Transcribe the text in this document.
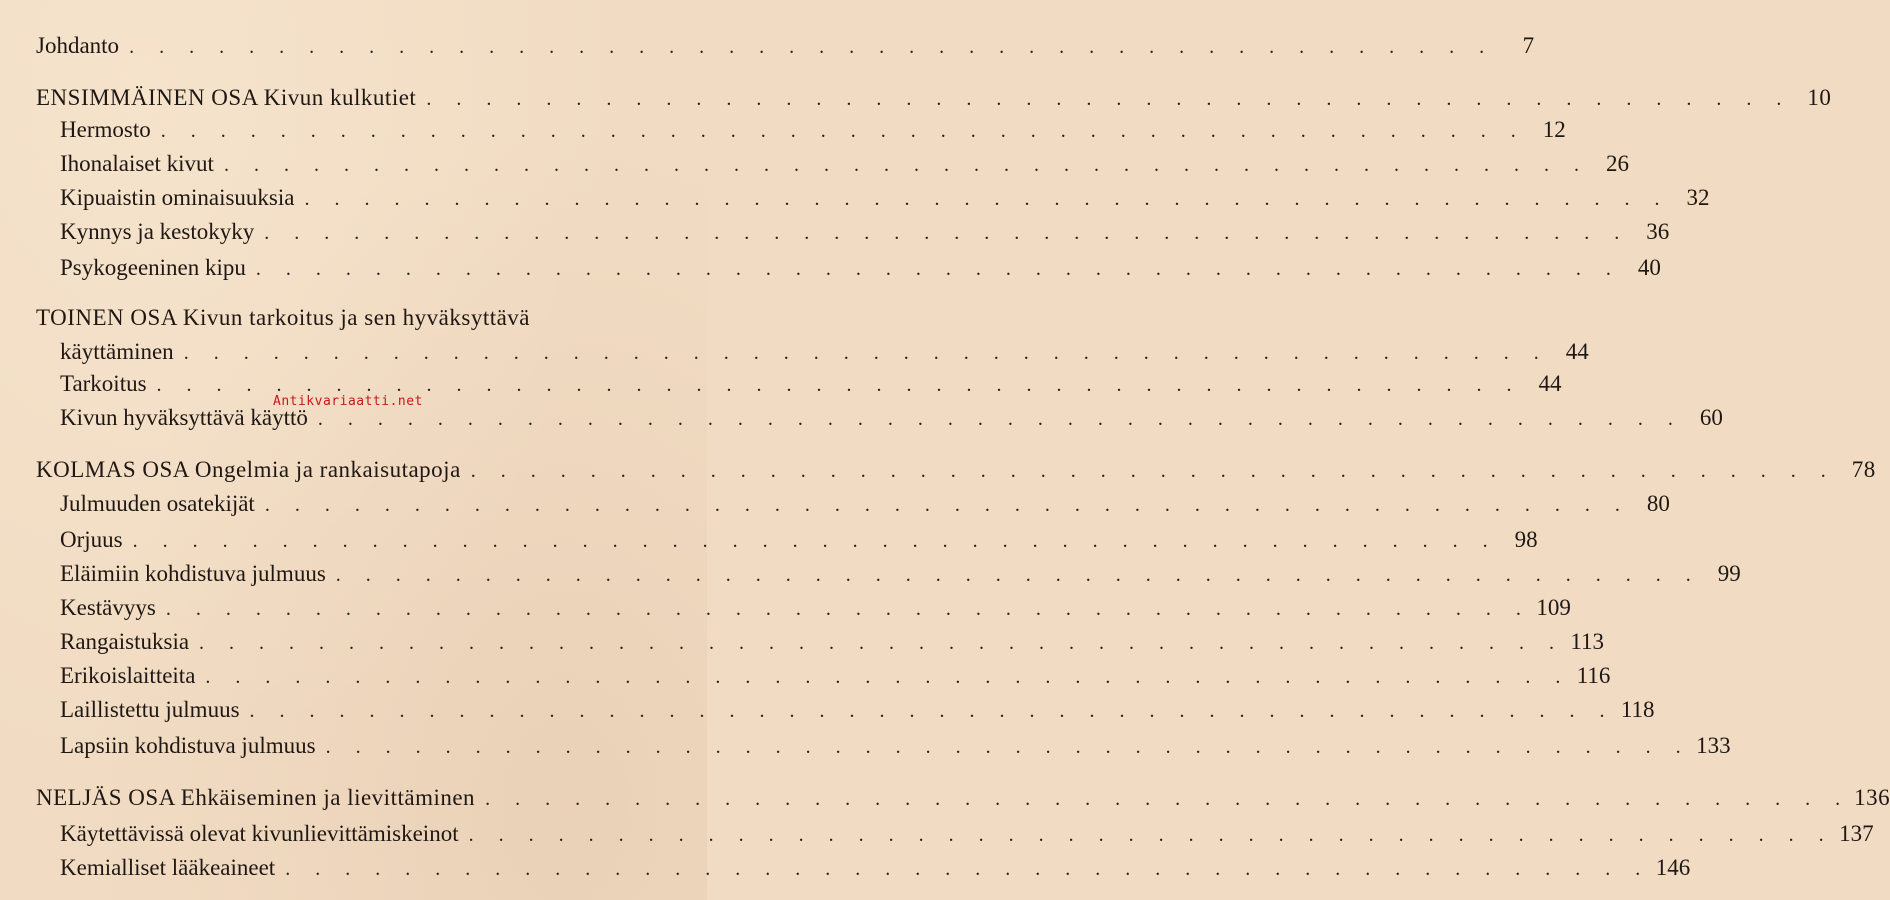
Johdanto . . . . . . . . . . . . . . . . . . . . . . . . . . . . . . . . . . . . . . . . . . . . . .	7
ENSIMMÄINEN OSA Kivun kulkutiet . . . . . . . . . . . . . . . . . . . . . . . . . . . . . . . . . . . . . . . . . . . . . . 10
Hermosto . . . . . . . . . . . . . . . . . . . . . . . . . . . . . . . . . . . . . . . . . . . . . . 12
Ihonalaiset kivut . . . . . . . . . . . . . . . . . . . . . . . . . . . . . . . . . . . . . . . . . . . . . . 26
Kipuaistin ominaisuuksia . . . . . . . . . . . . . . . . . . . . . . . . . . . . . . . . . . . . . . . . . . . . . . 32
Kynnys ja kestokyky . . . . . . . . . . . . . . . . . . . . . . . . . . . . . . . . . . . . . . . . . . . . . . 36
Psykogeeninen kipu . . . . . . . . . . . . . . . . . . . . . . . . . . . . . . . . . . . . . . . . . . . . . . 40
TOINEN OSA Kivun tarkoitus ja sen hyväksyttävä
käyttäminen . . . . . . . . . . . . . . . . . . . . . . . . . . . . . . . . . . . . . . . . . . . . . . 44
Tarkoitus . . . . . . . . . . . . . . . . . . . . . . . . . . . . . . . . . . . . . . . . . . . . . . 44
Kivun hyväksyttävä käyttö . . . . . . . . . . . . . . . . . . . . . . . . . . . . . . . . . . . . . . . . . . . . . . 60
KOLMAS OSA Ongelmia ja rankaisutapoja . . . . . . . . . . . . . . . . . . . . . . . . . . . . . . . . . . . . . . . . . . . . . . 78
Julmuuden osatekijät . . . . . . . . . . . . . . . . . . . . . . . . . . . . . . . . . . . . . . . . . . . . . . 80
Orjuus . . . . . . . . . . . . . . . . . . . . . . . . . . . . . . . . . . . . . . . . . . . . . . 98
Eläimiin kohdistuva julmuus . . . . . . . . . . . . . . . . . . . . . . . . . . . . . . . . . . . . . . . . . . . . . . 99
Kestävyys . . . . . . . . . . . . . . . . . . . . . . . . . . . . . . . . . . . . . . . . . . . . . . 109
Rangaistuksia . . . . . . . . . . . . . . . . . . . . . . . . . . . . . . . . . . . . . . . . . . . . . . 113
Erikoislaitteita . . . . . . . . . . . . . . . . . . . . . . . . . . . . . . . . . . . . . . . . . . . . . . 116
Laillistettu julmuus . . . . . . . . . . . . . . . . . . . . . . . . . . . . . . . . . . . . . . . . . . . . . . 118
Lapsiin kohdistuva julmuus . . . . . . . . . . . . . . . . . . . . . . . . . . . . . . . . . . . . . . . . . . . . . . 133
NELJÄS OSA Ehkäiseminen ja lievittäminen . . . . . . . . . . . . . . . . . . . . . . . . . . . . . . . . . . . . . . . . . . . . . . 136
Käytettävissä olevat kivunlievittämiskeinot . . . . . . . . . . . . . . . . . . . . . . . . . . . . . . . . . . . . . . . . . . . . . . 137
Kemialliset lääkeaineet . . . . . . . . . . . . . . . . . . . . . . . . . . . . . . . . . . . . . . . . . . . . . . 146
Antikvariaatti.net
